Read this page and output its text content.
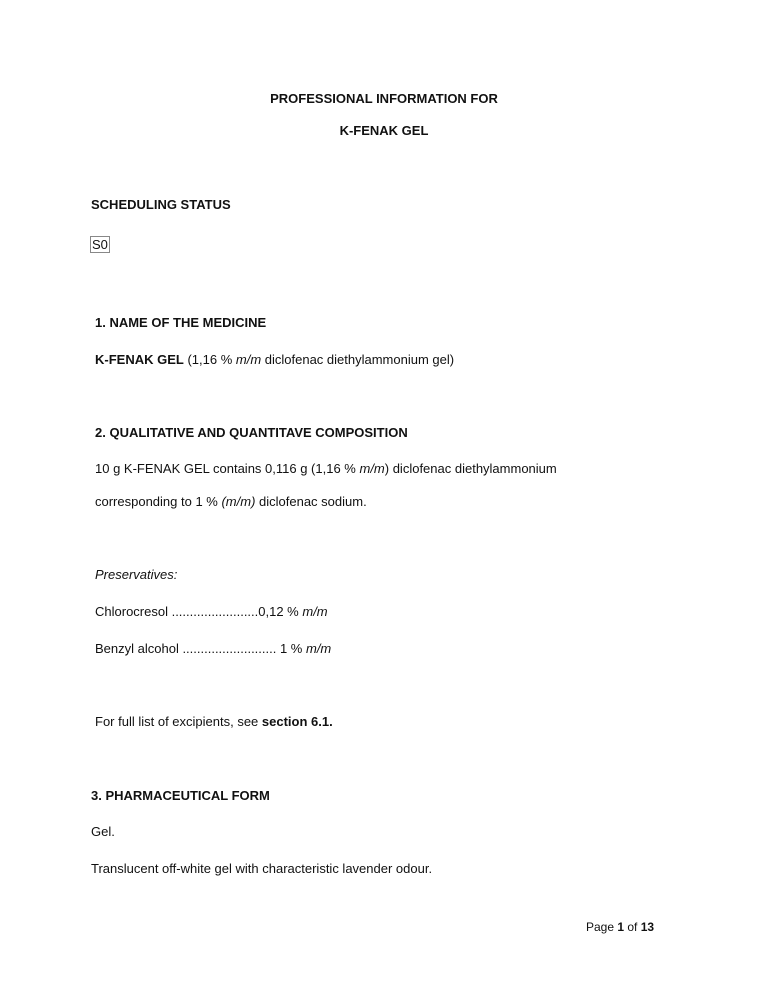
PROFESSIONAL INFORMATION FOR
K-FENAK GEL
SCHEDULING STATUS
S0
1. NAME OF THE MEDICINE
K-FENAK GEL (1,16 % m/m diclofenac diethylammonium gel)
2. QUALITATIVE AND QUANTITAVE COMPOSITION
10 g K-FENAK GEL contains 0,116 g (1,16 % m/m) diclofenac diethylammonium
corresponding to 1 % (m/m) diclofenac sodium.
Preservatives:
Chlorocresol ........................0,12 % m/m
Benzyl alcohol .......................... 1 % m/m
For full list of excipients, see section 6.1.
3. PHARMACEUTICAL FORM
Gel.
Translucent off-white gel with characteristic lavender odour.
Page 1 of 13
